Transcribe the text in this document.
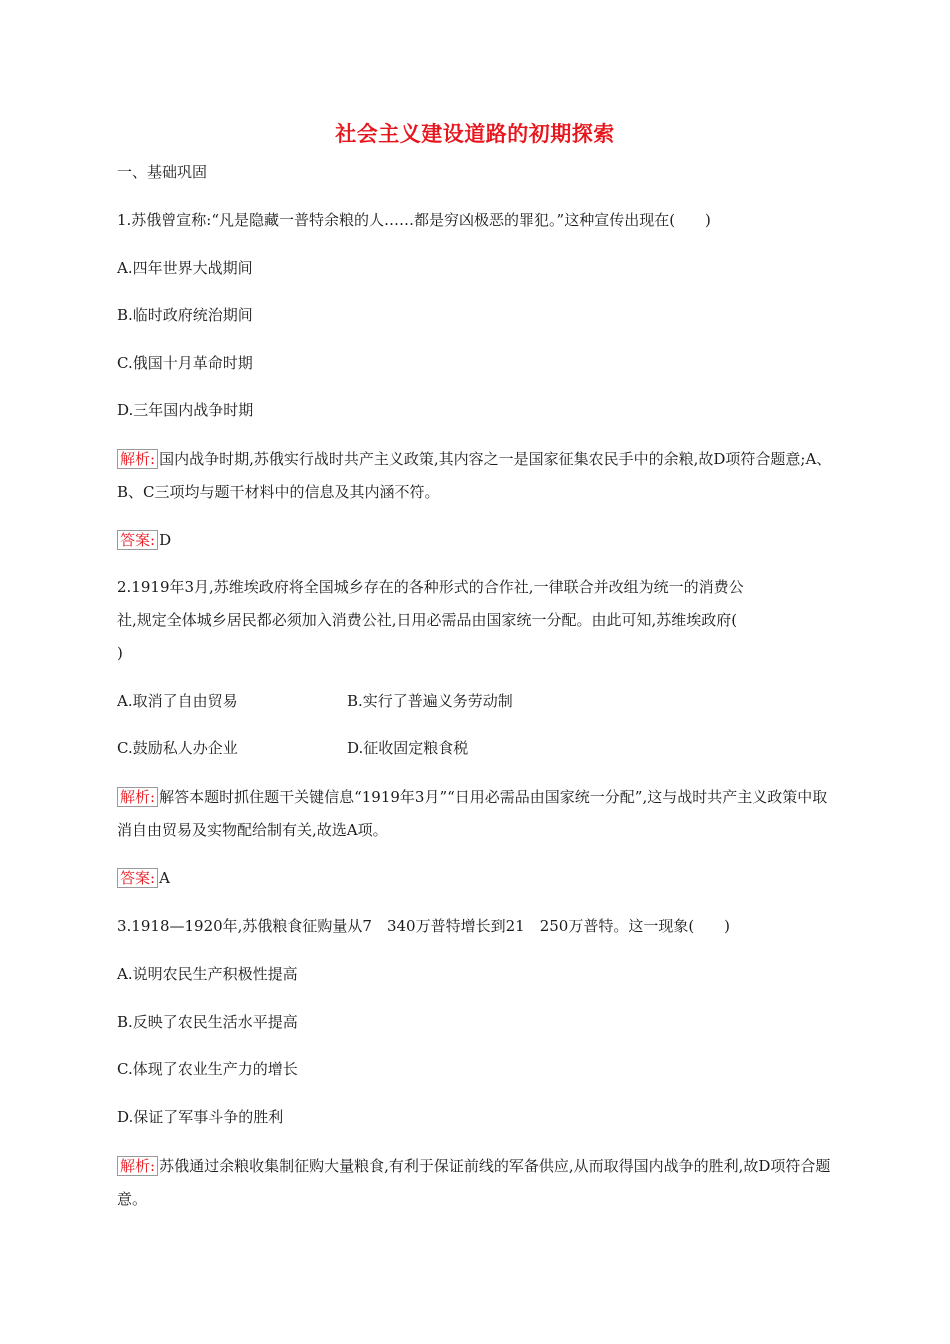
社会主义建设道路的初期探索
一、基础巩固
1.苏俄曾宣称:“凡是隐藏一普特余粮的人……都是穷凶极恶的罪犯。”这种宣传出现在(　　)
A.四年世界大战期间
B.临时政府统治期间
C.俄国十月革命时期
D.三年国内战争时期
解析: 国内战争时期,苏俄实行战时共产主义政策,其内容之一是国家征集农民手中的余粮,故D项符合题意;A、B、C三项均与题干材料中的信息及其内涵不符。
答案: D
2.1919年3月,苏维埃政府将全国城乡存在的各种形式的合作社,一律联合并改组为统一的消费公
社,规定全体城乡居民都必须加入消费公社,日用必需品由国家统一分配。由此可知,苏维埃政府(
)
A.取消了自由贸易	B.实行了普遍义务劳动制
C.鼓励私人办企业	D.征收固定粮食税
解析: 解答本题时抓住题干关键信息“1919年3月”“日用必需品由国家统一分配”,这与战时共产主义政策中取消自由贸易及实物配给制有关,故选A项。
答案: A
3.1918—1920年,苏俄粮食征购量从7　340万普特增长到21　250万普特。这一现象(　　)
A.说明农民生产积极性提高
B.反映了农民生活水平提高
C.体现了农业生产力的增长
D.保证了军事斗争的胜利
解析: 苏俄通过余粮收集制征购大量粮食,有利于保证前线的军备供应,从而取得国内战争的胜利,故D项符合题意。
